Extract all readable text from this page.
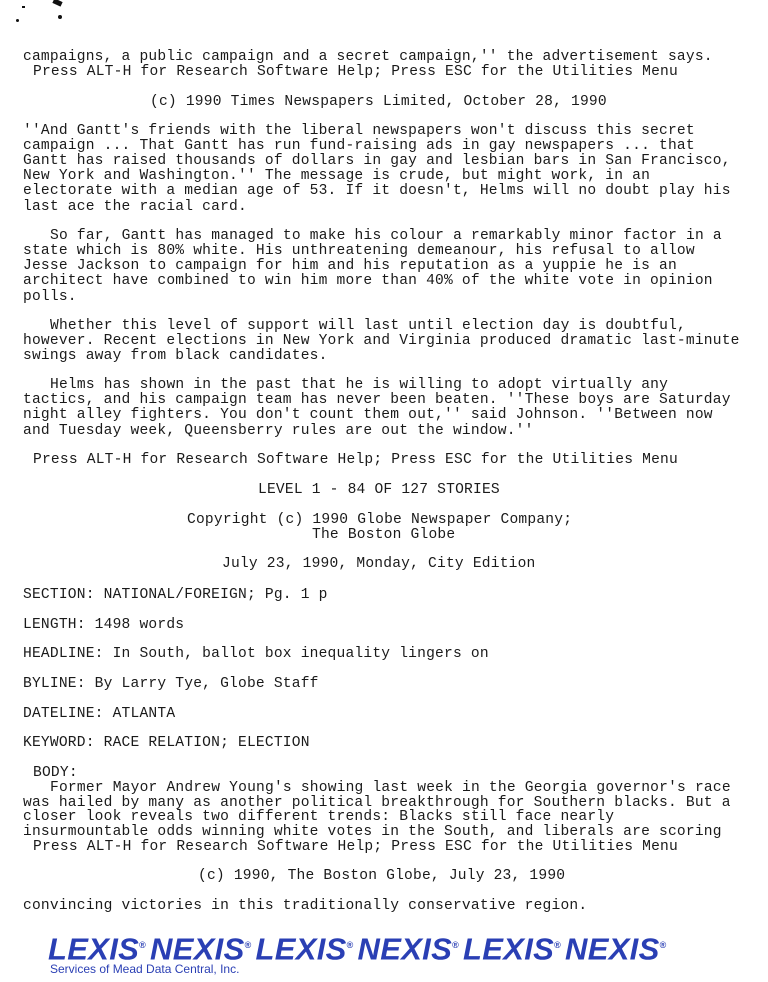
campaigns, a public campaign and a secret campaign,'' the advertisement says.

Press ALT-H for Research Software Help; Press ESC for the Utilities Menu

(c) 1990 Times Newspapers Limited, October 28, 1990

''And Gantt's friends with the liberal newspapers won't discuss this secret

campaign ... That Gantt has run fund-raising ads in gay newspapers ... that

Gantt has raised thousands of dollars in gay and lesbian bars in San Francisco,

New York and Washington.'' The message is crude, but might work, in an

electorate with a median age of 53. If it doesn't, Helms will no doubt play his

last ace the racial card.

So far, Gantt has managed to make his colour a remarkably minor factor in a

state which is 80% white. His unthreatening demeanour, his refusal to allow

Jesse Jackson to campaign for him and his reputation as a yuppie he is an

architect have combined to win him more than 40% of the white vote in opinion

polls.

Whether this level of support will last until election day is doubtful,

however. Recent elections in New York and Virginia produced dramatic last-minute

swings away from black candidates.

Helms has shown in the past that he is willing to adopt virtually any

tactics, and his campaign team has never been beaten. ''These boys are Saturday

night alley fighters. You don't count them out,'' said Johnson. ''Between now

and Tuesday week, Queensberry rules are out the window.''

Press ALT-H for Research Software Help; Press ESC for the Utilities Menu

LEVEL 1 - 84 OF 127 STORIES

Copyright (c) 1990 Globe Newspaper Company;

The Boston Globe

July 23, 1990, Monday, City Edition

SECTION: NATIONAL/FOREIGN; Pg. 1 p

LENGTH: 1498 words

HEADLINE: In South, ballot box inequality lingers on

BYLINE: By Larry Tye, Globe Staff

DATELINE: ATLANTA

KEYWORD: RACE RELATION; ELECTION

BODY:

Former Mayor Andrew Young's showing last week in the Georgia governor's race

was hailed by many as another political breakthrough for Southern blacks. But a

closer look reveals two different trends: Blacks still face nearly

insurmountable odds winning white votes in the South, and liberals are scoring

Press ALT-H for Research Software Help; Press ESC for the Utilities Menu

(c) 1990, The Boston Globe, July 23, 1990

convincing victories in this traditionally conservative region.

LEXIS® NEXIS® LEXIS® NEXIS® LEXIS® NEXIS®
Services of Mead Data Central, Inc.
